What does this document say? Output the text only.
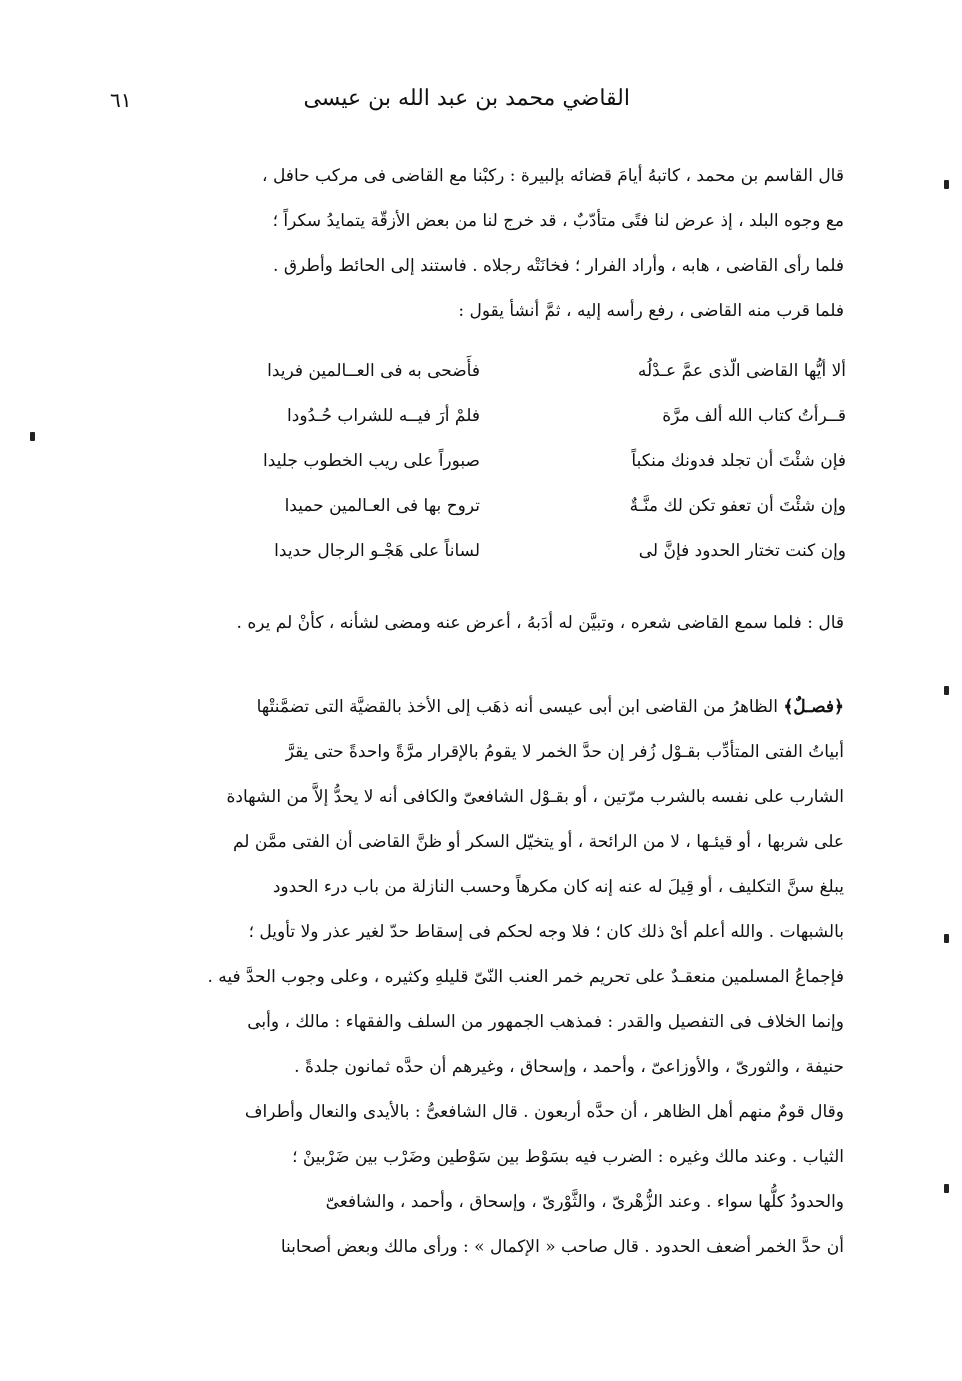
القاضي محمد بن عبد الله بن عيسى
٦١
قال القاسم بن محمد ، كاتبهُ أيامَ قضائه بإلبيرة : ركبْنا مع القاضى فى مركب حافل ،
مع وجوه البلد ، إذ عرض لنا فتًى متأدّبٌ ، قد خرج لنا من بعض الأزقّة يتمايدُ سكراً ؛
فلما رأى القاضى ، هابه ، وأراد الفرار ؛ فخانَتْه رجلاه . فاستند إلى الحائط وأطرق .
فلما قرب منه القاضى ، رفع رأسه إليه ، ثمَّ أنشأ يقول :
ألا أيُّها القاضى الّذى عمَّ عـدْلُه
فأَضحى به فى العــالمين فريدا
قــرأتُ كتاب الله ألف مرَّة
فلمْ أرَ فيــه للشراب حُـدُودا
فإن شئْتَ أن تجلد فدونك منكباً
صبوراً على ريب الخطوب جليدا
وإن شئْتَ أن تعفو تكن لك منَّـةٌ
تروح بها فى العـالمين حميدا
وإن كنت تختار الحدود فإنَّ لى
لساناً على هَجْـو الرجال حديدا
قال : فلما سمع القاضى شعره ، وتبيَّن له أدَبهُ ، أعرض عنه ومضى لشأنه ، كأنْ لم يره .
﴿فصـلٌ﴾ الظاهرُ من القاضى ابن أبى عيسى أنه ذهَب إلى الأخذ بالقضيَّة التى تضمَّنتْها
أبياتُ الفتى المتأدِّب بقـوْل زُفر إن حدَّ الخمر لا يقومُ بالإقرار مرَّةً واحدةً حتى يقرَّ
الشارب على نفسه بالشرب مرّتين ، أو بقـوْل الشافعىّ والكافى أنه لا يحدُّ إلاَّ من الشهادة
على شربها ، أو قيئـها ، لا من الرائحة ، أو يتخيّل السكر أو ظنَّ القاضى أن الفتى ممَّن لم
يبلغ سنَّ التكليف ، أو قِيلَ له عنه إنه كان مكرهاً وحسب النازلة من باب درء الحدود
بالشبهات . والله أعلم أىْ ذلك كان ؛ فلا وجه لحكم فى إسقاط حدّ لغير عذر ولا تأويل ؛
فإجماعُ المسلمين منعقـدٌ على تحريم خمر العنب النّىّ قليلهِ وكثيره ، وعلى وجوب الحدَّ فيه .
وإنما الخلاف فى التفصيل والقدر : فمذهب الجمهور من السلف والفقهاء : مالك ، وأبى
حنيفة ، والثورىّ ، والأوزاعىّ ، وأحمد ، وإسحاق ، وغيرهم أن حدَّه ثمانون جلدةً .
وقال قومٌ منهم أهل الظاهر ، أن حدَّه أربعون . قال الشافعىُّ : بالأيدى والنعال وأطراف
الثياب . وعند مالك وغيره : الضرب فيه بسَوْط بين سَوْطين وضَرْب بين ضَرْبينْ ؛
والحدودُ كلُّها سواء . وعند الزُّهْرىّ ، والثَّوْرىّ ، وإسحاق ، وأحمد ، والشافعىّ
أن حدَّ الخمر أضعف الحدود . قال صاحب « الإكمال » : ورأى مالك وبعض أصحابنا
